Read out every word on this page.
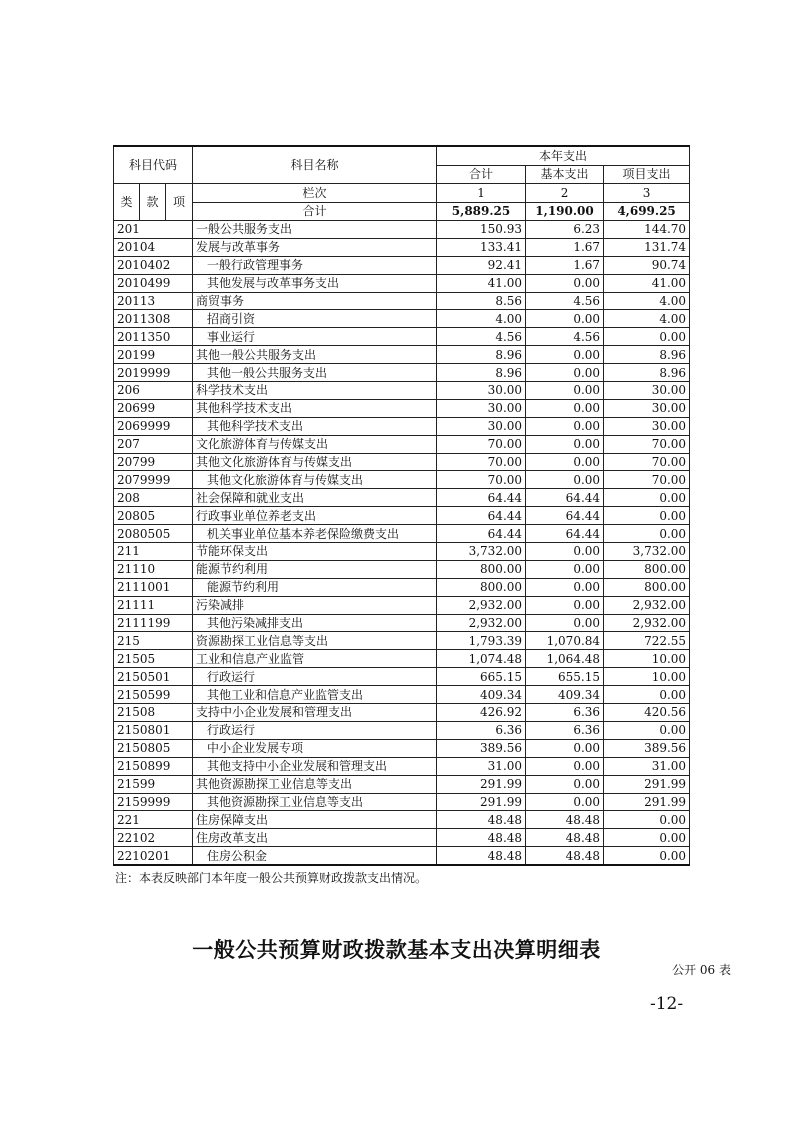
科目代码			科目名称	本年支出		
				合计	基本支出	项目支出
类	款	项	栏次	1	2	3
			合计	5,889.25	1,190.00	4,699.25
201			一般公共服务支出	150.93	6.23	144.70
20104			发展与改革事务	133.41	1.67	131.74
2010402			一般行政管理事务	92.41	1.67	90.74
2010499			其他发展与改革事务支出	41.00	0.00	41.00
20113			商贸事务	8.56	4.56	4.00
2011308			招商引资	4.00	0.00	4.00
2011350			事业运行	4.56	4.56	0.00
20199			其他一般公共服务支出	8.96	0.00	8.96
2019999			其他一般公共服务支出	8.96	0.00	8.96
206			科学技术支出	30.00	0.00	30.00
20699			其他科学技术支出	30.00	0.00	30.00
2069999			其他科学技术支出	30.00	0.00	30.00
207			文化旅游体育与传媒支出	70.00	0.00	70.00
20799			其他文化旅游体育与传媒支出	70.00	0.00	70.00
2079999			其他文化旅游体育与传媒支出	70.00	0.00	70.00
208			社会保障和就业支出	64.44	64.44	0.00
20805			行政事业单位养老支出	64.44	64.44	0.00
2080505			机关事业单位基本养老保险缴费支出	64.44	64.44	0.00
211			节能环保支出	3,732.00	0.00	3,732.00
21110			能源节约利用	800.00	0.00	800.00
2111001			能源节约利用	800.00	0.00	800.00
21111			污染减排	2,932.00	0.00	2,932.00
2111199			其他污染减排支出	2,932.00	0.00	2,932.00
215			资源勘探工业信息等支出	1,793.39	1,070.84	722.55
21505			工业和信息产业监管	1,074.48	1,064.48	10.00
2150501			行政运行	665.15	655.15	10.00
2150599			其他工业和信息产业监管支出	409.34	409.34	0.00
21508			支持中小企业发展和管理支出	426.92	6.36	420.56
2150801			行政运行	6.36	6.36	0.00
2150805			中小企业发展专项	389.56	0.00	389.56
2150899			其他支持中小企业发展和管理支出	31.00	0.00	31.00
21599			其他资源勘探工业信息等支出	291.99	0.00	291.99
2159999			其他资源勘探工业信息等支出	291.99	0.00	291.99
221			住房保障支出	48.48	48.48	0.00
22102			住房改革支出	48.48	48.48	0.00
2210201			住房公积金	48.48	48.48	0.00
注：本表反映部门本年度一般公共预算财政拨款支出情况。
一般公共预算财政拨款基本支出决算明细表
公开 06 表
-12-
